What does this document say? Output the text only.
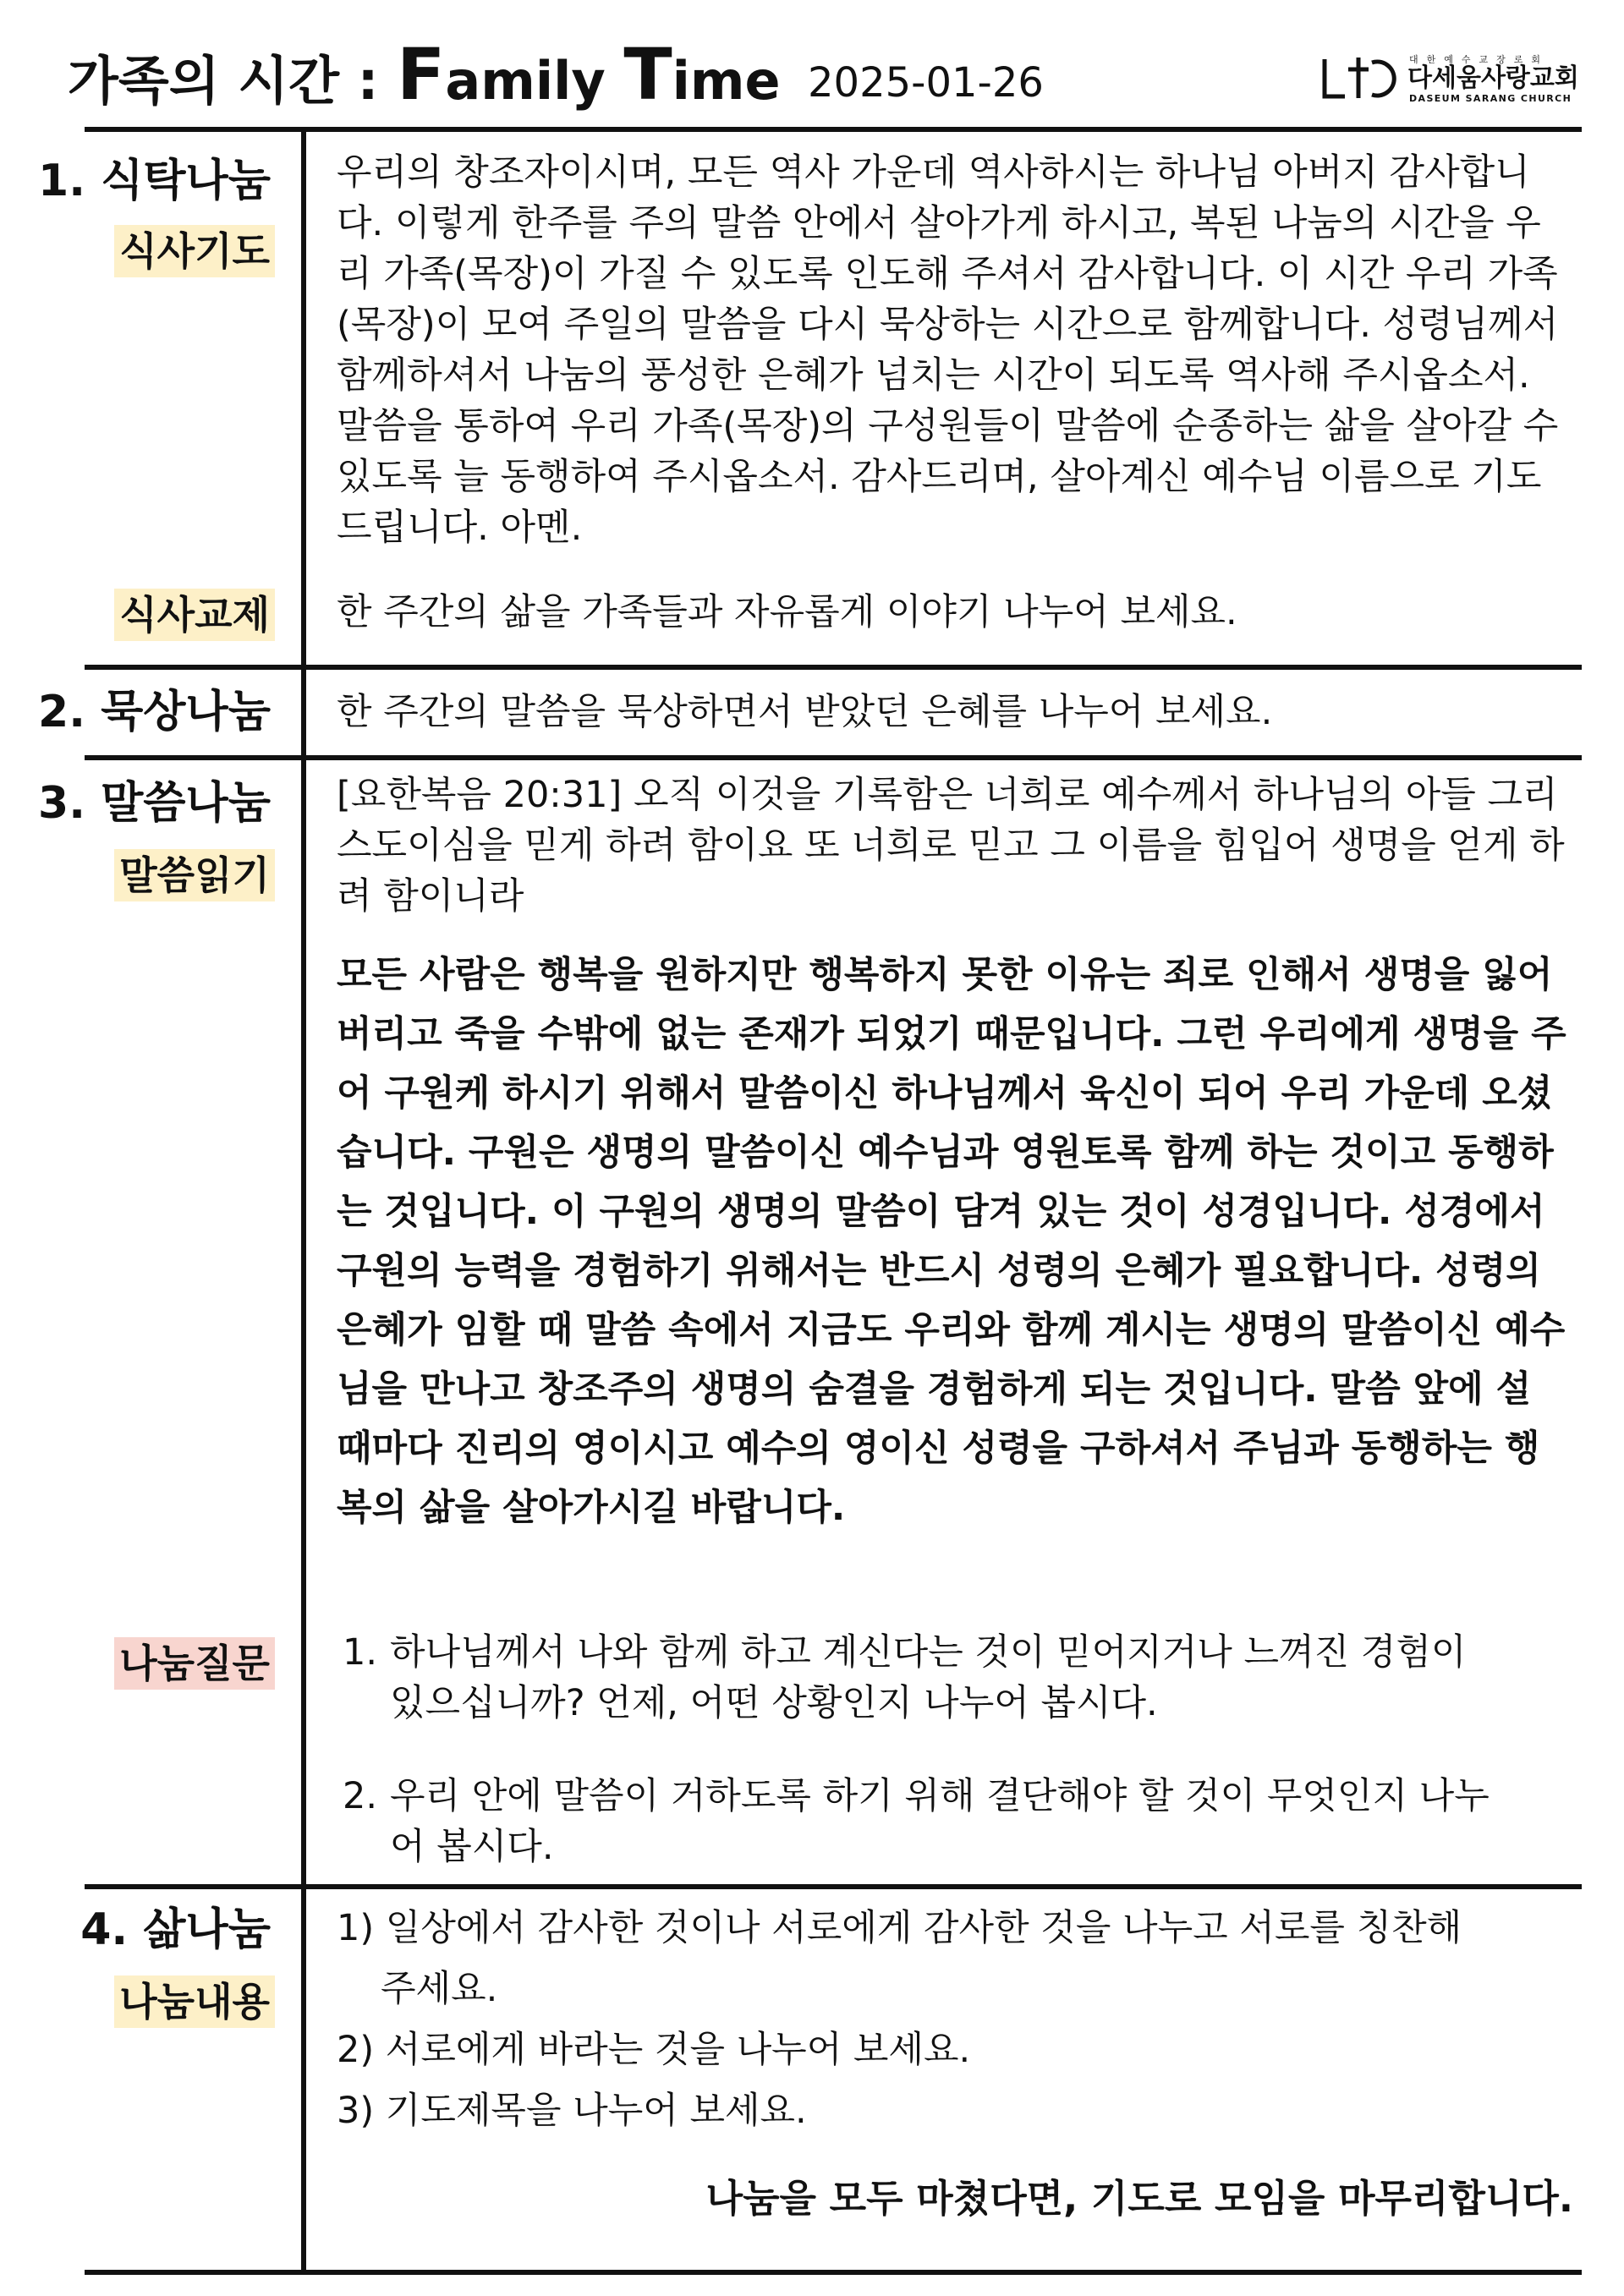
가족의 시간 : Family Time 2025-01-26	대한예수교장로회
다세움사랑교회
DASEUM SARANG CHURCH
1. 식탁나눔
식사기도
우리의 창조자이시며, 모든 역사 가운데 역사하시는 하나님 아버지 감사합니다. 이렇게 한주를 주의 말씀 안에서 살아가게 하시고, 복된 나눔의 시간을 우리 가족(목장)이 가질 수 있도록 인도해 주셔서 감사합니다. 이 시간 우리 가족(목장)이 모여 주일의 말씀을 다시 묵상하는 시간으로 함께합니다. 성령님께서 함께하셔서 나눔의 풍성한 은혜가 넘치는 시간이 되도록 역사해 주시옵소서. 말씀을 통하여 우리 가족(목장)의 구성원들이 말씀에 순종하는 삶을 살아갈 수 있도록 늘 동행하여 주시옵소서. 감사드리며, 살아계신 예수님 이름으로 기도드립니다. 아멘.
식사교제 한 주간의 삶을 가족들과 자유롭게 이야기 나누어 보세요.
2. 묵상나눔 한 주간의 말씀을 묵상하면서 받았던 은혜를 나누어 보세요.
3. 말씀나눔
말씀읽기
[요한복음 20:31] 오직 이것을 기록함은 너희로 예수께서 하나님의 아들 그리스도이심을 믿게 하려 함이요 또 너희로 믿고 그 이름을 힘입어 생명을 얻게 하려 함이니라
모든 사람은 행복을 원하지만 행복하지 못한 이유는 죄로 인해서 생명을 잃어버리고 죽을 수밖에 없는 존재가 되었기 때문입니다. 그런 우리에게 생명을 주어 구원케 하시기 위해서 말씀이신 하나님께서 육신이 되어 우리 가운데 오셨습니다. 구원은 생명의 말씀이신 예수님과 영원토록 함께 하는 것이고 동행하는 것입니다. 이 구원의 생명의 말씀이 담겨 있는 것이 성경입니다. 성경에서 구원의 능력을 경험하기 위해서는 반드시 성령의 은혜가 필요합니다. 성령의 은혜가 임할 때 말씀 속에서 지금도 우리와 함께 계시는 생명의 말씀이신 예수님을 만나고 창조주의 생명의 숨결을 경험하게 되는 것입니다. 말씀 앞에 설 때마다 진리의 영이시고 예수의 영이신 성령을 구하셔서 주님과 동행하는 행복의 삶을 살아가시길 바랍니다.
나눔질문 1. 하나님께서 나와 함께 하고 계신다는 것이 믿어지거나 느껴진 경험이
있으십니까? 언제, 어떤 상황인지 나누어 봅시다.
2. 우리 안에 말씀이 거하도록 하기 위해 결단해야 할 것이 무엇인지 나누
어 봅시다.
4. 삶나눔
나눔내용
1) 일상에서 감사한 것이나 서로에게 감사한 것을 나누고 서로를 칭찬해
주세요.
2) 서로에게 바라는 것을 나누어 보세요.
3) 기도제목을 나누어 보세요.
나눔을 모두 마쳤다면, 기도로 모임을 마무리합니다.
